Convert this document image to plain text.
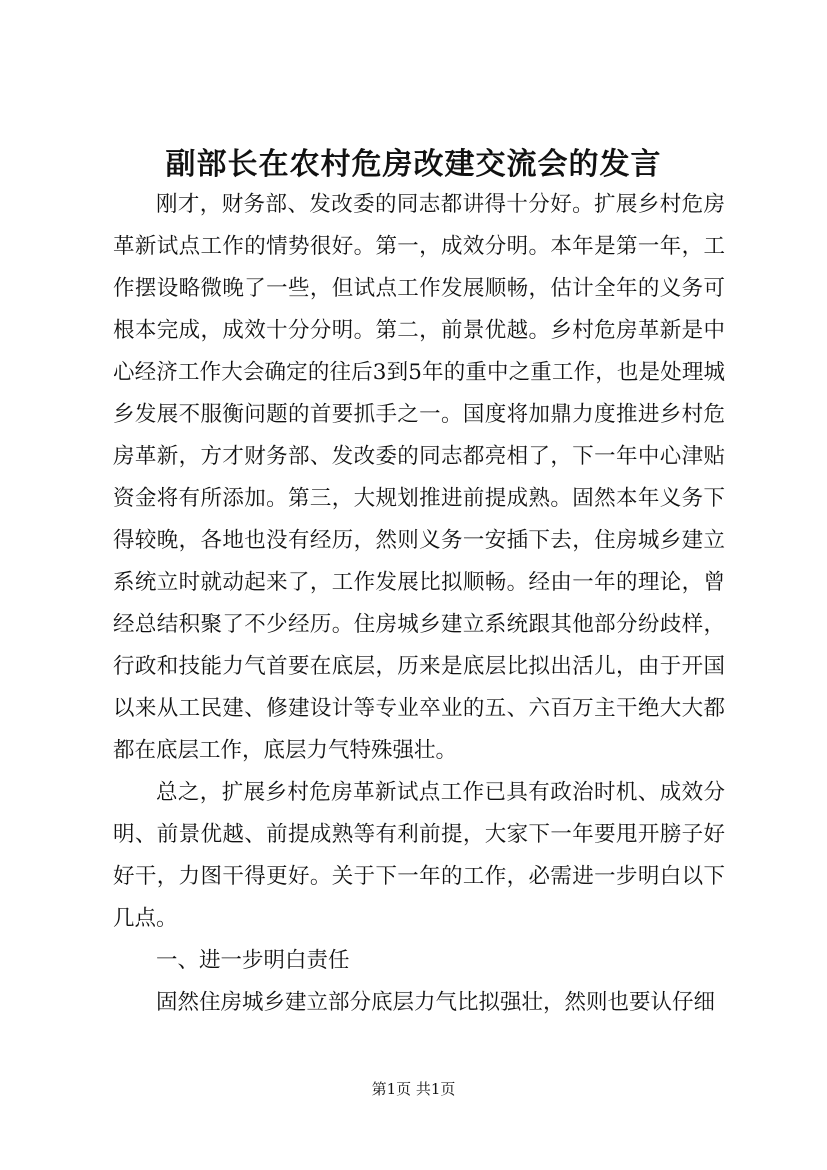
副部长在农村危房改建交流会的发言

刚才，财务部、发改委的同志都讲得十分好。扩展乡村危房革新试点工作的情势很好。第一，成效分明。本年是第一年，工作摆设略微晚了一些，但试点工作发展顺畅，估计全年的义务可根本完成，成效十分分明。第二，前景优越。乡村危房革新是中心经济工作大会确定的往后3到5年的重中之重工作，也是处理城乡发展不服衡问题的首要抓手之一。国度将加鼎力度推进乡村危房革新，方才财务部、发改委的同志都亮相了，下一年中心津贴资金将有所添加。第三，大规划推进前提成熟。固然本年义务下得较晚，各地也没有经历，然则义务一安插下去，住房城乡建立系统立时就动起来了，工作发展比拟顺畅。经由一年的理论，曾经总结积聚了不少经历。住房城乡建立系统跟其他部分纷歧样，行政和技能力气首要在底层，历来是底层比拟出活儿，由于开国以来从工民建、修建设计等专业卒业的五、六百万主干绝大大都都在底层工作，底层力气特殊强壮。

总之，扩展乡村危房革新试点工作已具有政治时机、成效分明、前景优越、前提成熟等有利前提，大家下一年要甩开膀子好好干，力图干得更好。关于下一年的工作，必需进一步明白以下几点。

一、进一步明白责任

固然住房城乡建立部分底层力气比拟强壮，然则也要认仔细

第1页 共1页
